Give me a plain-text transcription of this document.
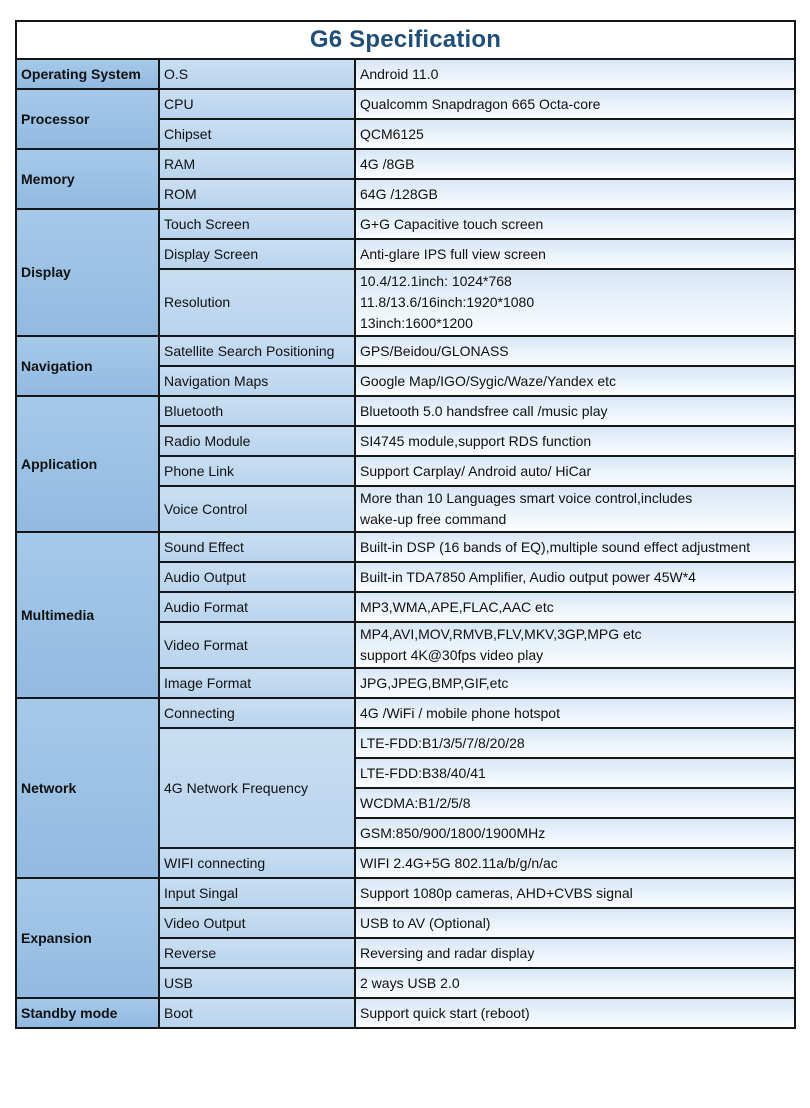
G6 Specification		
Operating System	O.S	Android 11.0
Processor	CPU	Qualcomm Snapdragon 665 Octa-core
	Chipset	QCM6125
Memory	RAM	4G /8GB
	ROM	64G /128GB
Display	Touch Screen	G+G Capacitive touch screen
	Display Screen	Anti-glare IPS full view screen
	Resolution	10.4/12.1inch: 1024*768
11.8/13.6/16inch:1920*1080
13inch:1600*1200

Navigation	Satellite Search Positioning	GPS/Beidou/GLONASS
	Navigation Maps	Google Map/IGO/Sygic/Waze/Yandex etc
Application	Bluetooth	Bluetooth 5.0 handsfree call /music play
	Radio Module	SI4745 module,support RDS function
	Phone Link	Support Carplay/ Android auto/ HiCar
	Voice Control	More than 10 Languages smart voice control,includes
wake-up free command

Multimedia	Sound Effect	Built-in DSP (16 bands of EQ),multiple sound effect adjustment
	Audio Output	Built-in TDA7850 Amplifier, Audio output power 45W*4
	Audio Format	MP3,WMA,APE,FLAC,AAC etc
	Video Format	MP4,AVI,MOV,RMVB,FLV,MKV,3GP,MPG etc
support 4K@30fps video play

	Image Format	JPG,JPEG,BMP,GIF,etc
Network	Connecting	4G /WiFi / mobile phone hotspot
	4G Network Frequency	LTE-FDD:B1/3/5/7/8/20/28
		LTE-FDD:B38/40/41
		WCDMA:B1/2/5/8
		GSM:850/900/1800/1900MHz
	WIFI connecting	WIFI 2.4G+5G 802.11a/b/g/n/ac
Expansion	Input Singal	Support 1080p cameras, AHD+CVBS signal
	Video Output	USB to AV (Optional)
	Reverse	Reversing and radar display
	USB	2 ways USB 2.0
Standby mode	Boot	Support quick start (reboot)
